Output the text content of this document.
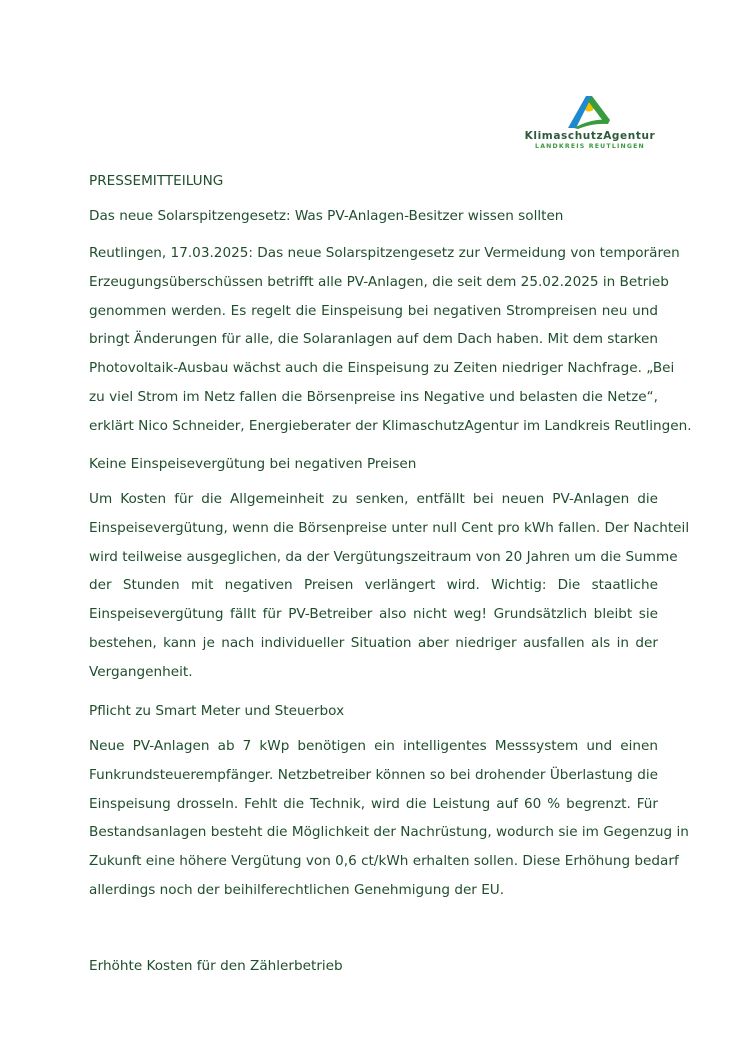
KlimaschutzAgentur
LANDKREIS REUTLINGEN
PRESSEMITTEILUNG
Das neue Solarspitzengesetz: Was PV-Anlagen-Besitzer wissen sollten
Reutlingen, 17.03.2025: Das neue Solarspitzengesetz zur Vermeidung von temporären
Erzeugungsüberschüssen betrifft alle PV-Anlagen, die seit dem 25.02.2025 in Betrieb
genommen werden. Es regelt die Einspeisung bei negativen Strompreisen neu und
bringt Änderungen für alle, die Solaranlagen auf dem Dach haben. Mit dem starken
Photovoltaik-Ausbau wächst auch die Einspeisung zu Zeiten niedriger Nachfrage. „Bei
zu viel Strom im Netz fallen die Börsenpreise ins Negative und belasten die Netze“,
erklärt Nico Schneider, Energieberater der KlimaschutzAgentur im Landkreis Reutlingen.
Keine Einspeisevergütung bei negativen Preisen
Um Kosten für die Allgemeinheit zu senken, entfällt bei neuen PV-Anlagen die
Einspeisevergütung, wenn die Börsenpreise unter null Cent pro kWh fallen. Der Nachteil
wird teilweise ausgeglichen, da der Vergütungszeitraum von 20 Jahren um die Summe
der Stunden mit negativen Preisen verlängert wird. Wichtig: Die staatliche
Einspeisevergütung fällt für PV-Betreiber also nicht weg! Grundsätzlich bleibt sie
bestehen, kann je nach individueller Situation aber niedriger ausfallen als in der
Vergangenheit.
Pflicht zu Smart Meter und Steuerbox
Neue PV-Anlagen ab 7 kWp benötigen ein intelligentes Messsystem und einen
Funkrundsteuerempfänger. Netzbetreiber können so bei drohender Überlastung die
Einspeisung drosseln. Fehlt die Technik, wird die Leistung auf 60 % begrenzt. Für
Bestandsanlagen besteht die Möglichkeit der Nachrüstung, wodurch sie im Gegenzug in
Zukunft eine höhere Vergütung von 0,6 ct/kWh erhalten sollen. Diese Erhöhung bedarf
allerdings noch der beihilferechtlichen Genehmigung der EU.
Erhöhte Kosten für den Zählerbetrieb
